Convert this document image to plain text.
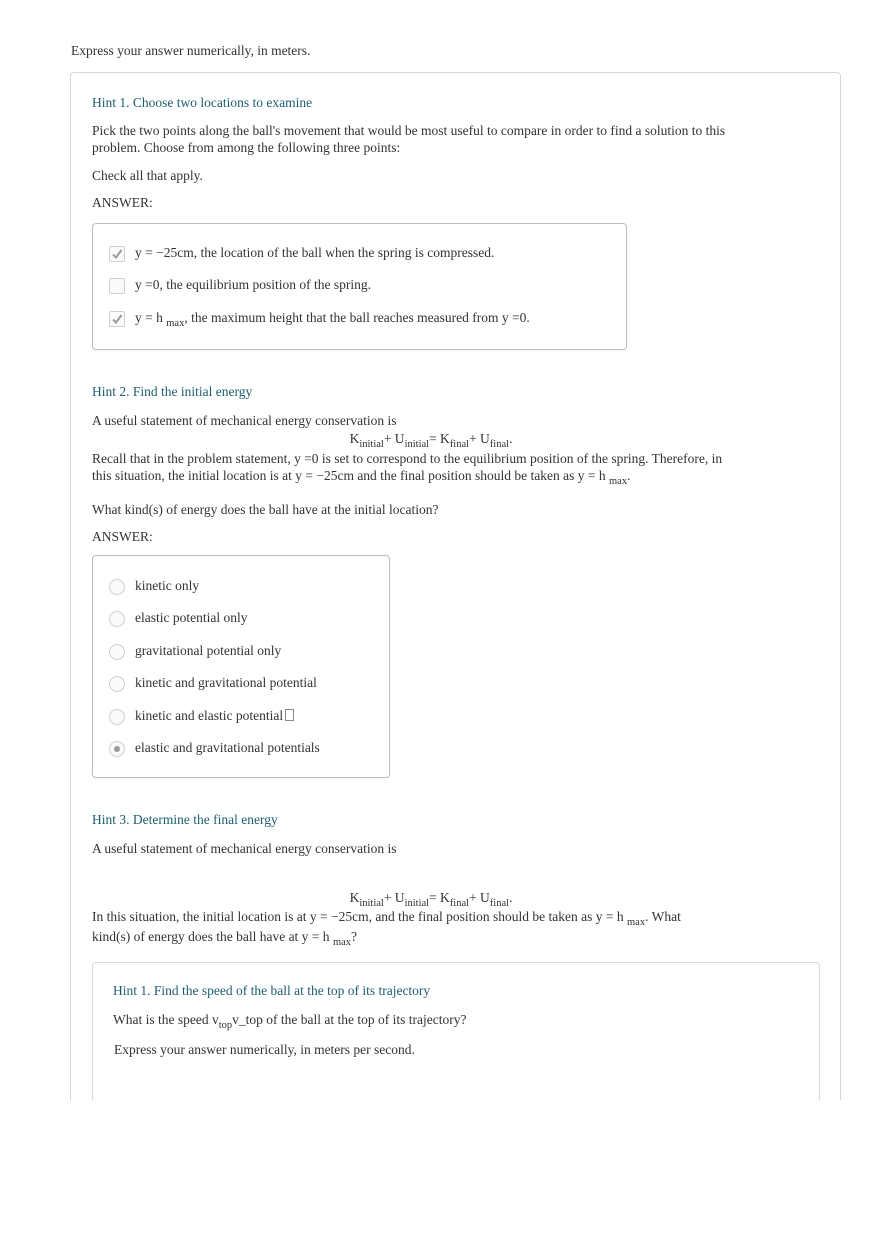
Express your answer numerically, in meters.
Hint 1. Choose two locations to examine
Pick the two points along the ball's movement that would be most useful to compare in order to find a solution to this
problem. Choose from among the following three points:
Check all that apply.
ANSWER:
y = −25cm, the location of the ball when the spring is compressed.
y =0, the equilibrium position of the spring.
y = h $_{max}$, the maximum height that the ball reaches measured from y =0.
Hint 2. Find the initial energy
A useful statement of mechanical energy conservation is
$K_{initial}+ U_{initial}= K_{final}+ U_{final}$.
Recall that in the problem statement, y =0 is set to correspond to the equilibrium position of the spring. Therefore, in
this situation, the initial location is at y = −25cm and the final position should be taken as y = h $_{max}$.
What kind(s) of energy does the ball have at the initial location?
ANSWER:
kinetic only
elastic potential only
gravitational potential only
kinetic and gravitational potential
kinetic and elastic potential
elastic and gravitational potentials
Hint 3. Determine the final energy
A useful statement of mechanical energy conservation is
$K_{initial}+ U_{initial}= K_{final}+ U_{final}$.
In this situation, the initial location is at y = −25cm, and the final position should be taken as y = h $_{max}$. What
kind(s) of energy does the ball have at y = h $_{max}$?
Hint 1. Find the speed of the ball at the top of its trajectory
What is the speed $v_{top}v\_top$ of the ball at the top of its trajectory?
Express your answer numerically, in meters per second.
